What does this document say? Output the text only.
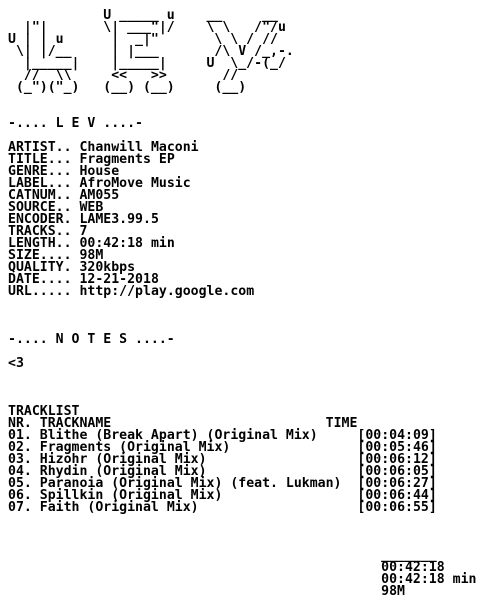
U _____ u    __     __
|"|       \| ___"|/    \ \   /"/u
U | | u      |  _|"       \ \ / //
\| |/__     | |___       /\ V /_,-.
|_____|    |_____|     U  \_/-(_/
//  \\     <<   >>       //
(_")("_)   (__) (__)     (__)

-.... L E V ....-

ARTIST.. Chanwill Maconi
TITLE... Fragments EP
GENRE... House
LABEL... AfroMove Music
CATNUM.. AM055
SOURCE.. WEB
ENCODER. LAME3.99.5
TRACKS.. 7
LENGTH.. 00:42:18 min
SIZE.... 98M
QUALITY. 320kbps
DATE.... 12-21-2018
URL..... http://play.google.com

-.... N O T E S ....-

<3

TRACKLIST
NR. TRACKNAME	TIME
01. Blithe (Break Apart) (Original Mix)	[00:04:09]
02. Fragments (Original Mix)	[00:05:46]
03. Hizohr (Original Mix)	[00:06:12]
04. Rhydin (Original Mix)	[00:06:05]
05. Paranoia (Original Mix) (feat. Lukman) [00:06:27]
06. Spillkin (Original Mix)	[00:06:44]
07. Faith (Original Mix)	[00:06:55]

_______
00:42:18
00:42:18 min
98M
